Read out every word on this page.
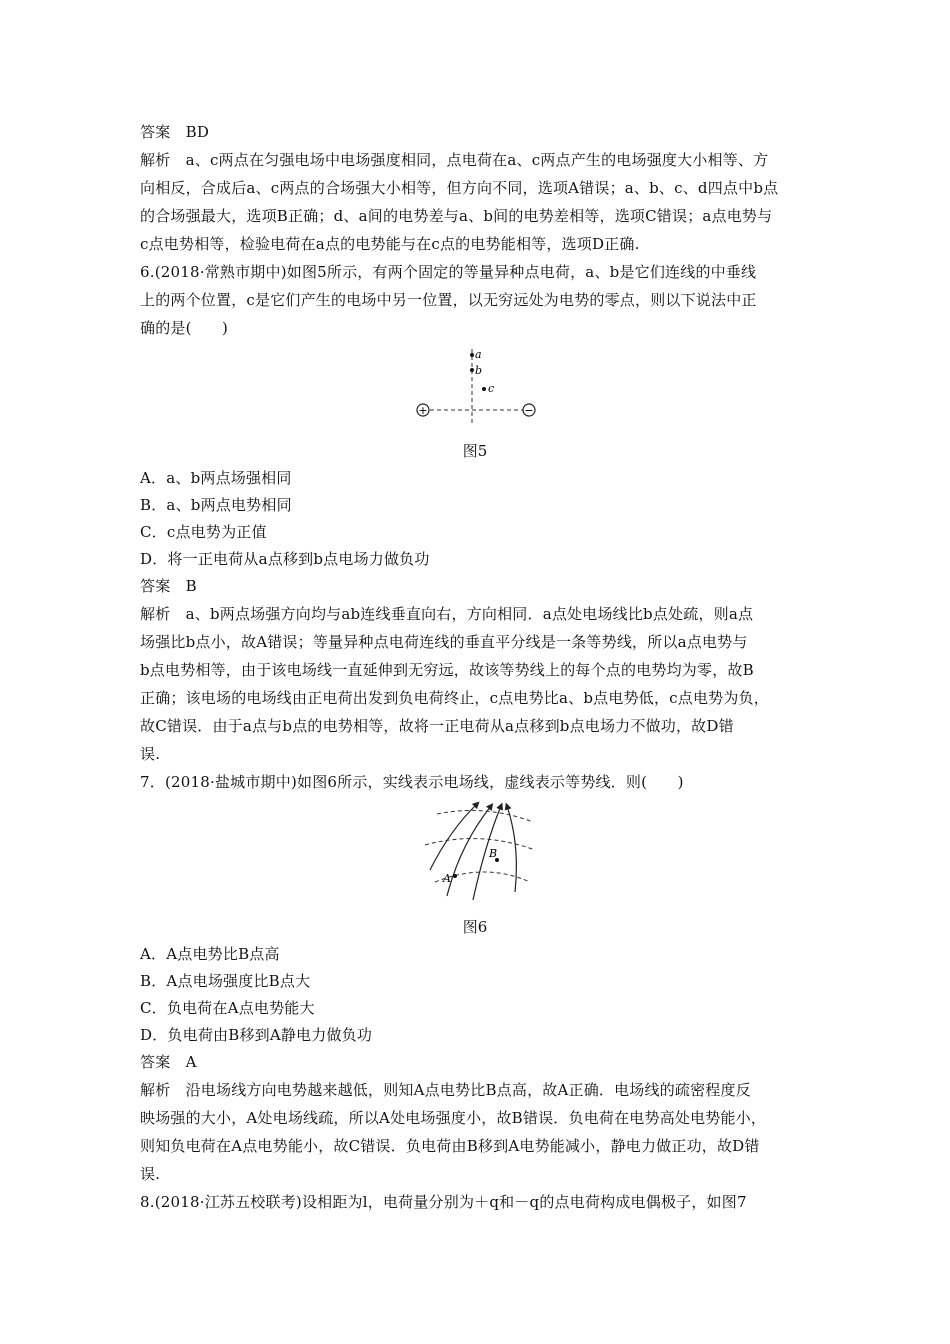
答案　 BD
解析　 a、c两点在匀强电场中电场强度相同，点电荷在a、c两点产生的电场强度大小相等、方
向相反，合成后a、c两点的合场强大小相等，但方向不同，选项A错误；a、b、c、d四点中b点
的合场强最大，选项B正确；d、a间的电势差与a、b间的电势差相等，选项C错误；a点电势与
c点电势相等，检验电荷在a点的电势能与在c点的电势能相等，选项D正确.
6.(2018·常熟市期中)如图5所示，有两个固定的等量异种点电荷，a、b是它们连线的中垂线
上的两个位置，c是它们产生的电场中另一位置，以无穷远处为电势的零点，则以下说法中正
确的是(　　)
+	−
a
b
c
图5
A．a、b两点场强相同
B．a、b两点电势相同
C．c点电势为正值
D．将一正电荷从a点移到b点电场力做负功
答案　 B
解析　 a、b两点场强方向均与ab连线垂直向右，方向相同．a点处电场线比b点处疏，则a点
场强比b点小，故A错误；等量异种点电荷连线的垂直平分线是一条等势线，所以a点电势与
b点电势相等，由于该电场线一直延伸到无穷远，故该等势线上的每个点的电势均为零，故B
正确；该电场的电场线由正电荷出发到负电荷终止，c点电势比a、b点电势低，c点电势为负，
故C错误．由于a点与b点的电势相等，故将一正电荷从a点移到b点电场力不做功，故D错
误.
7．(2018·盐城市期中)如图6所示，实线表示电场线，虚线表示等势线．则(　　)
A
B
图6
A．A点电势比B点高
B．A点电场强度比B点大
C．负电荷在A点电势能大
D．负电荷由B移到A静电力做负功
答案　 A
解析　 沿电场线方向电势越来越低，则知A点电势比B点高，故A正确．电场线的疏密程度反
映场强的大小，A处电场线疏，所以A处电场强度小，故B错误．负电荷在电势高处电势能小，
则知负电荷在A点电势能小，故C错误．负电荷由B移到A电势能减小，静电力做正功，故D错
误.
8.(2018·江苏五校联考)设相距为l，电荷量分别为＋q和－q的点电荷构成电偶极子，如图7
